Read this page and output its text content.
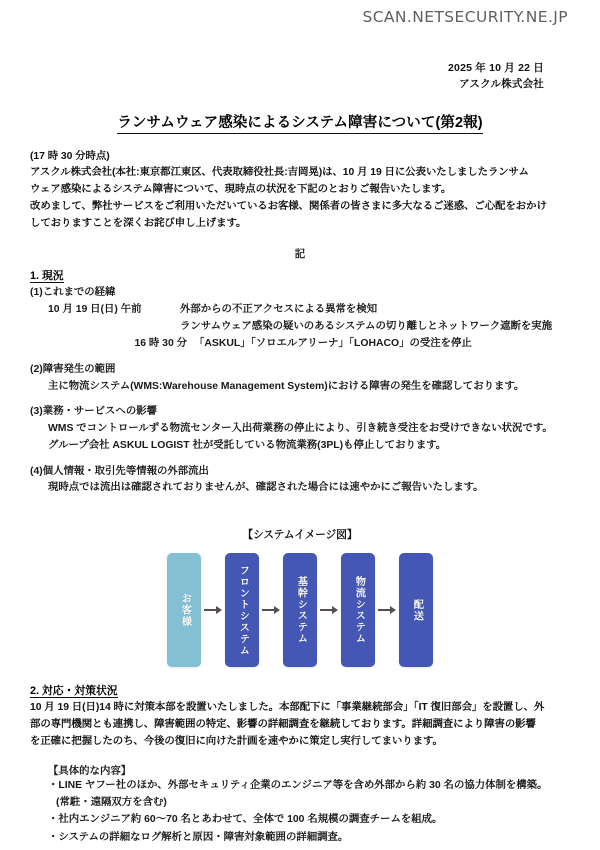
SCAN.NETSECURITY.NE.JP
2025 年 10 月 22 日
アスクル株式会社
ランサムウェア感染によるシステム障害について(第2報)

(17 時 30 分時点)

アスクル株式会社(本社:東京都江東区、代表取締役社長:吉岡晃)は、10 月 19 日に公表いたしましたランサム

ウェア感染によるシステム障害について、現時点の状況を下記のとおりご報告いたします。

改めまして、弊社サービスをご利用いただいているお客様、関係者の皆さまに多大なるご迷惑、ご心配をおかけ

しておりますことを深くお詫び申し上げます。

記
1. 現況
(1)これまでの経緯
10 月 19 日(日) 午前	外部からの不正アクセスによる異常を検知
ランサムウェア感染の疑いのあるシステムの切り離しとネットワーク遮断を実施
16 時 30 分 「ASKUL」「ソロエルアリーナ」「LOHACO」の受注を停止
(2)障害発生の範囲
主に物流システム(WMS:Warehouse Management System)における障害の発生を確認しております。
(3)業務・サービスへの影響
WMS でコントロールずる物流センター入出荷業務の停止により、引き続き受注をお受けできない状況です。
グループ会社 ASKUL LOGIST 社が受託している物流業務(3PL)も停止しております。
(4)個人情報・取引先等情報の外部流出
現時点では流出は確認されておりませんが、確認された場合には速やかにご報告いたします。
【システムイメージ図】
お客様	フロントシステム	基幹システム	物流システム	配送
2. 対応・対策状況

10 月 19 日(日)14 時に対策本部を設置いたしました。本部配下に「事業継続部会」「IT 復旧部会」を設置し、外

部の専門機関とも連携し、障害範囲の特定、影響の詳細調査を継続しております。詳細調査により障害の影響

を正確に把握したのち、今後の復旧に向けた計画を速やかに策定し実行してまいります。

【具体的な内容】
・LINE ヤフー社のほか、外部セキュリティ企業のエンジニア等を含め外部から約 30 名の協力体制を構築。
(常駐・遠隔双方を含む)
・社内エンジニア約 60〜70 名とあわせて、全体で 100 名規模の調査チームを組成。
・システムの詳細なログ解析と原因・障害対象範囲の詳細調査。
